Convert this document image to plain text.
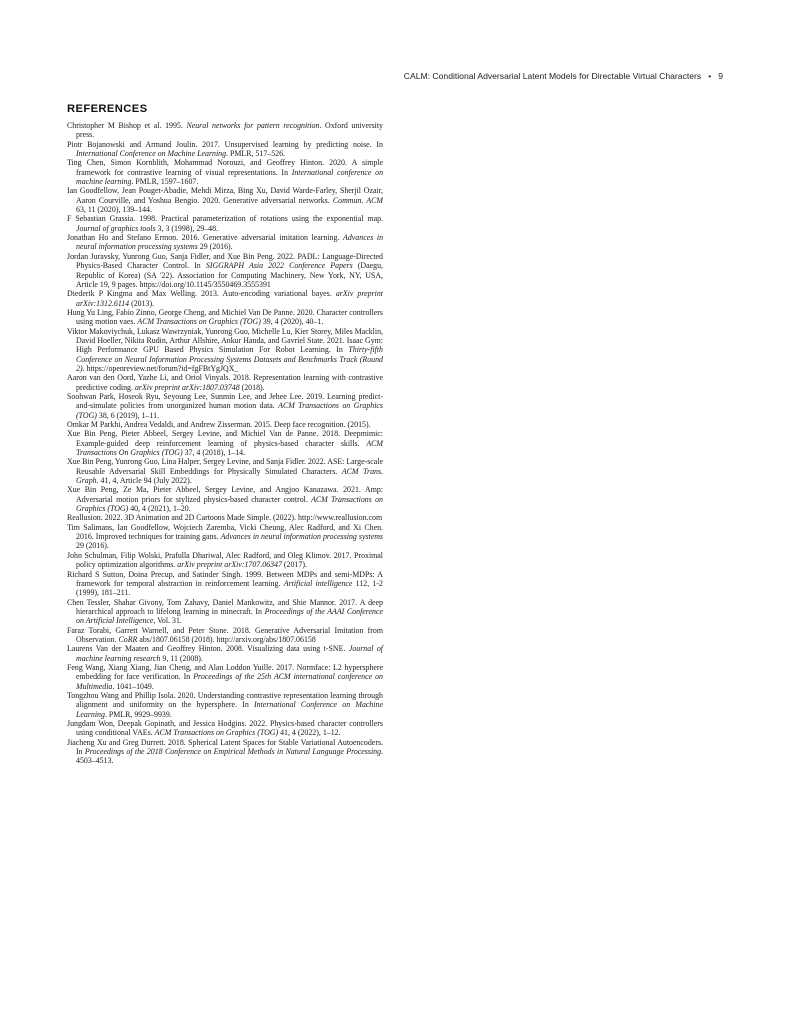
CALM: Conditional Adversarial Latent Models for Directable Virtual Characters • 9
REFERENCES
Christopher M Bishop et al. 1995. Neural networks for pattern recognition. Oxford university press.
Piotr Bojanowski and Armand Joulin. 2017. Unsupervised learning by predicting noise. In International Conference on Machine Learning. PMLR, 517–526.
Ting Chen, Simon Kornblith, Mohammad Norouzi, and Geoffrey Hinton. 2020. A simple framework for contrastive learning of visual representations. In International conference on machine learning. PMLR, 1597–1607.
Ian Goodfellow, Jean Pouget-Abadie, Mehdi Mirza, Bing Xu, David Warde-Farley, Sherjil Ozair, Aaron Courville, and Yoshua Bengio. 2020. Generative adversarial networks. Commun. ACM 63, 11 (2020), 139–144.
F Sebastian Grassia. 1998. Practical parameterization of rotations using the exponential map. Journal of graphics tools 3, 3 (1998), 29–48.
Jonathan Ho and Stefano Ermon. 2016. Generative adversarial imitation learning. Advances in neural information processing systems 29 (2016).
Jordan Juravsky, Yunrong Guo, Sanja Fidler, and Xue Bin Peng. 2022. PADL: Language-Directed Physics-Based Character Control. In SIGGRAPH Asia 2022 Conference Papers (Daegu, Republic of Korea) (SA '22). Association for Computing Machinery, New York, NY, USA, Article 19, 9 pages. https://doi.org/10.1145/3550469.3555391
Diederik P Kingma and Max Welling. 2013. Auto-encoding variational bayes. arXiv preprint arXiv:1312.6114 (2013).
Hung Yu Ling, Fabio Zinno, George Cheng, and Michiel Van De Panne. 2020. Character controllers using motion vaes. ACM Transactions on Graphics (TOG) 39, 4 (2020), 40–1.
Viktor Makoviychuk, Lukasz Wawrzyniak, Yunrong Guo, Michelle Lu, Kier Storey, Miles Macklin, David Hoeller, Nikita Rudin, Arthur Allshire, Ankur Handa, and Gavriel State. 2021. Isaac Gym: High Performance GPU Based Physics Simulation For Robot Learning. In Thirty-fifth Conference on Neural Information Processing Systems Datasets and Benchmarks Track (Round 2). https://openreview.net/forum?id=fgFBtYgJQX_
Aaron van den Oord, Yazhe Li, and Oriol Vinyals. 2018. Representation learning with contrastive predictive coding. arXiv preprint arXiv:1807.03748 (2018).
Soohwan Park, Hoseok Ryu, Seyoung Lee, Sunmin Lee, and Jehee Lee. 2019. Learning predict-and-simulate policies from unorganized human motion data. ACM Transactions on Graphics (TOG) 38, 6 (2019), 1–11.
Omkar M Parkhi, Andrea Vedaldi, and Andrew Zisserman. 2015. Deep face recognition. (2015).
Xue Bin Peng, Pieter Abbeel, Sergey Levine, and Michiel Van de Panne. 2018. Deepmimic: Example-guided deep reinforcement learning of physics-based character skills. ACM Transactions On Graphics (TOG) 37, 4 (2018), 1–14.
Xue Bin Peng, Yunrong Guo, Lina Halper, Sergey Levine, and Sanja Fidler. 2022. ASE: Large-scale Reusable Adversarial Skill Embeddings for Physically Simulated Characters. ACM Trans. Graph. 41, 4, Article 94 (July 2022).
Xue Bin Peng, Ze Ma, Pieter Abbeel, Sergey Levine, and Angjoo Kanazawa. 2021. Amp: Adversarial motion priors for stylized physics-based character control. ACM Transactions on Graphics (TOG) 40, 4 (2021), 1–20.
Reallusion. 2022. 3D Animation and 2D Cartoons Made Simple. (2022). http://www.reallusion.com
Tim Salimans, Ian Goodfellow, Wojciech Zaremba, Vicki Cheung, Alec Radford, and Xi Chen. 2016. Improved techniques for training gans. Advances in neural information processing systems 29 (2016).
John Schulman, Filip Wolski, Prafulla Dhariwal, Alec Radford, and Oleg Klimov. 2017. Proximal policy optimization algorithms. arXiv preprint arXiv:1707.06347 (2017).
Richard S Sutton, Doina Precup, and Satinder Singh. 1999. Between MDPs and semi-MDPs: A framework for temporal abstraction in reinforcement learning. Artificial intelligence 112, 1-2 (1999), 181–211.
Chen Tessler, Shahar Givony, Tom Zahavy, Daniel Mankowitz, and Shie Mannor. 2017. A deep hierarchical approach to lifelong learning in minecraft. In Proceedings of the AAAI Conference on Artificial Intelligence, Vol. 31.
Faraz Torabi, Garrett Warnell, and Peter Stone. 2018. Generative Adversarial Imitation from Observation. CoRR abs/1807.06158 (2018). http://arxiv.org/abs/1807.06158
Laurens Van der Maaten and Geoffrey Hinton. 2008. Visualizing data using t-SNE. Journal of machine learning research 9, 11 (2008).
Feng Wang, Xiang Xiang, Jian Cheng, and Alan Loddon Yuille. 2017. Normface: L2 hypersphere embedding for face verification. In Proceedings of the 25th ACM international conference on Multimedia. 1041–1049.
Tongzhou Wang and Phillip Isola. 2020. Understanding contrastive representation learning through alignment and uniformity on the hypersphere. In International Conference on Machine Learning. PMLR, 9929–9939.
Jungdam Won, Deepak Gopinath, and Jessica Hodgins. 2022. Physics-based character controllers using conditional VAEs. ACM Transactions on Graphics (TOG) 41, 4 (2022), 1–12.
Jiacheng Xu and Greg Durrett. 2018. Spherical Latent Spaces for Stable Variational Autoencoders. In Proceedings of the 2018 Conference on Empirical Methods in Natural Language Processing. 4503–4513.
